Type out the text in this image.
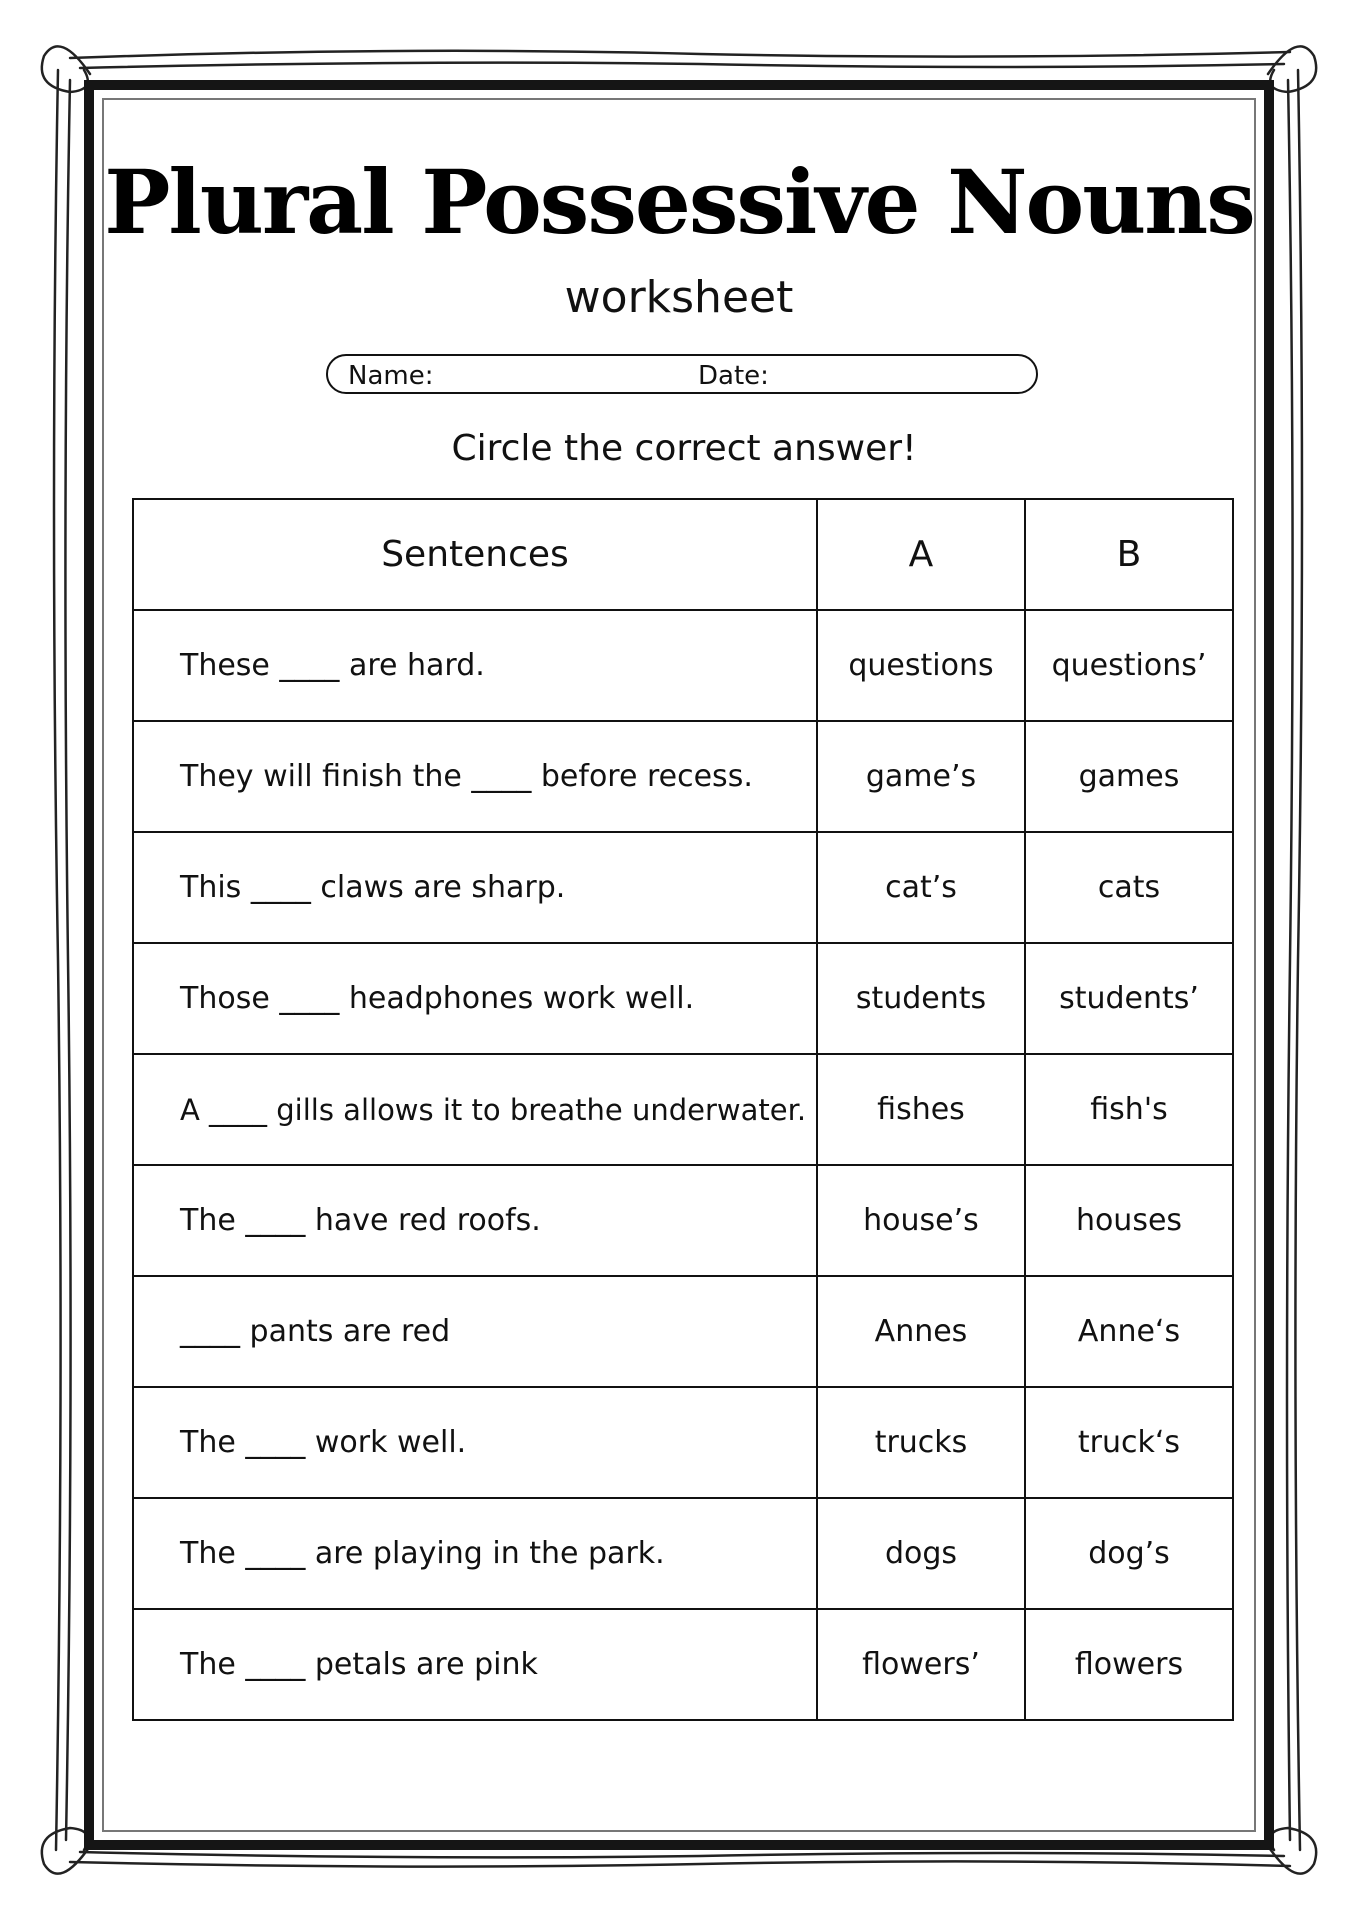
Plural Possessive Nouns
worksheet
Name:	Date:
Circle the correct answer!
Sentences	A	B
These ____ are hard.	questions	questions’
They will finish the ____ before recess.	game’s	games
This ____ claws are sharp.	cat’s	cats
Those ____ headphones work well.	students	students’
A ____ gills allows it to breathe underwater.	fishes	fish's
The ____ have red roofs.	house’s	houses
____ pants are red	Annes	Anne‘s
The ____ work well.	trucks	truck‘s
The ____ are playing in the park.	dogs	dog’s
The ____ petals are pink	flowers’	flowers
